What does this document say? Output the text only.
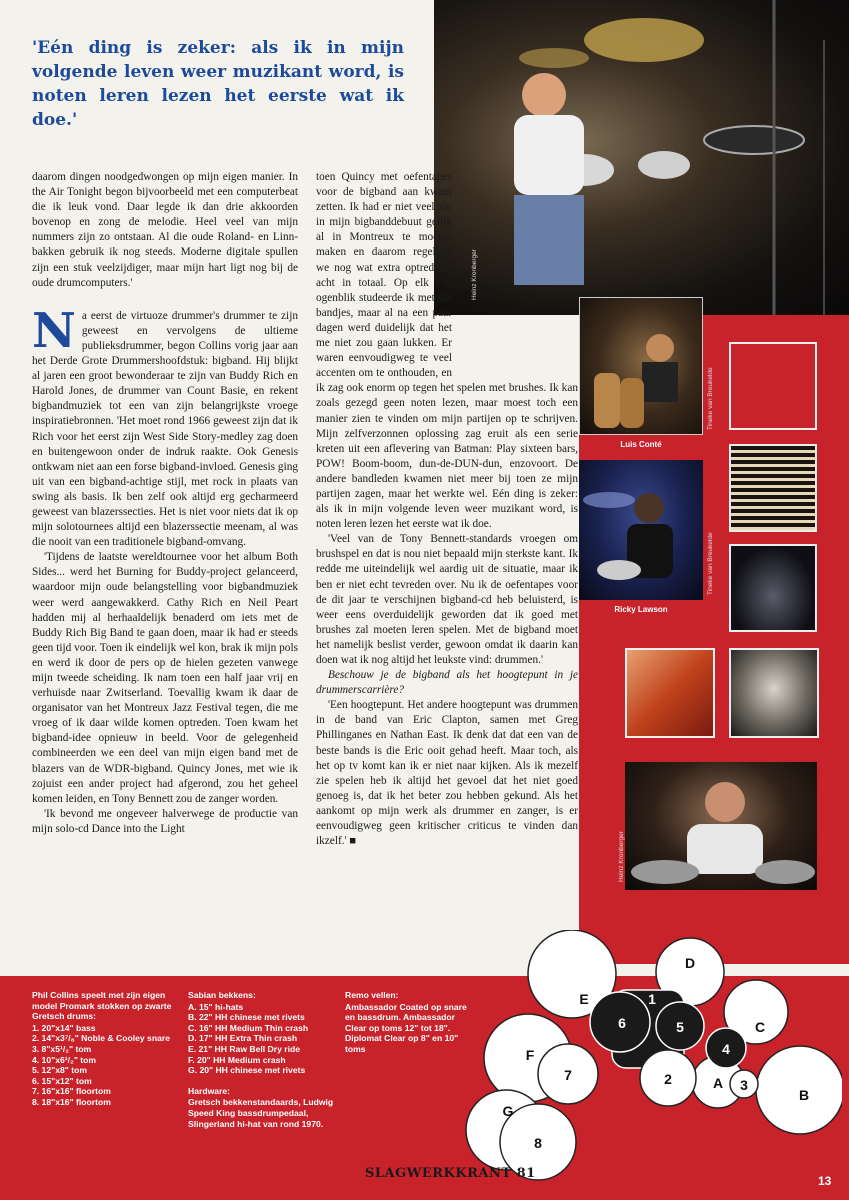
'Eén ding is zeker: als ik in mijn volgende leven weer muzikant word, is noten leren lezen het eerste wat ik doe.'

daarom dingen noodgedwongen op mijn eigen manier. In the Air Tonight begon bijvoorbeeld met een computerbeat die ik leuk vond. Daar legde ik dan drie akkoorden bovenop en zong de melodie. Heel veel van mijn nummers zijn zo ontstaan. Al die oude Roland- en Linn-bakken gebruik ik nog steeds. Moderne digitale spullen zijn een stuk veelzijdiger, maar mijn hart ligt nog bij de oude drumcomputers.'

Na eerst de virtuoze drummer's drummer te zijn geweest en vervolgens de ultieme publieksdrummer, begon Collins vorig jaar aan het Derde Grote Drummershoofdstuk: bigband. Hij blijkt al jaren een groot bewonderaar te zijn van Buddy Rich en Harold Jones, de drummer van Count Basie, en rekent bigbandmuziek tot een van zijn belangrijkste vroege inspiratiebronnen. 'Het moet rond 1966 geweest zijn dat ik Rich voor het eerst zijn West Side Story-medley zag doen en buitengewoon onder de indruk raakte. Ook Genesis ontkwam niet aan een forse bigband-invloed. Genesis ging uit van een bigband-achtige stijl, met rock in plaats van swing als basis. Ik ben zelf ook altijd erg gecharmeerd geweest van blazerssecties. Het is niet voor niets dat ik op mijn solotournees altijd een blazerssectie meenam, al was die nooit van een traditionele bigband-omvang.

'Tijdens de laatste wereldtournee voor het album Both Sides... werd het Burning for Buddy-project gelanceerd, waardoor mijn oude belangstelling voor bigbandmuziek weer werd aangewakkerd. Cathy Rich en Neil Peart hadden mij al herhaaldelijk benaderd om iets met de Buddy Rich Big Band te gaan doen, maar ik had er steeds geen tijd voor. Toen ik eindelijk wel kon, brak ik mijn pols en werd ik door de pers op de hielen gezeten vanwege mijn tweede scheiding. Ik nam toen een half jaar vrij en verhuisde naar Zwitserland. Toevallig kwam ik daar de organisator van het Montreux Jazz Festival tegen, die me vroeg of ik daar wilde komen optreden. Toen kwam het bigband-idee opnieuw in beeld. Voor de gelegenheid combineerden we een deel van mijn eigen band met de blazers van de WDR-bigband. Quincy Jones, met wie ik zojuist een ander project had afgerond, zou het geheel komen leiden, en Tony Bennett zou de zanger worden.

'Ik bevond me ongeveer halverwege de productie van mijn solo-cd Dance into the Light

Heinz Kronberger

toen Quincy met oefentapes voor de bigband aan kwam zetten. Ik had er niet veel zin in mijn bigbanddebuut gelijk al in Montreux te moeten maken en daarom regelden we nog wat extra optredens, acht in totaal. Op elk vrij ogenblik studeerde ik met die bandjes, maar al na een paar dagen werd duidelijk dat het me niet zou gaan lukken. Er waren eenvoudigweg te veel accenten om te onthouden, en ik zag ook enorm op tegen het spelen met brushes. Ik kan zoals gezegd geen noten lezen, maar moest toch een manier zien te vinden om mijn partijen op te schrijven. Mijn zelfverzonnen oplossing zag eruit als een serie kreten uit een aflevering van Batman: Play sixteen bars, POW! Boom-boom, dun-de-DUN-dun, enzovoort. De andere bandleden kwamen niet meer bij toen ze mijn partijen zagen, maar het werkte wel. Eén ding is zeker: als ik in mijn volgende leven weer muzikant word, is noten leren lezen het eerste wat ik doe.

'Veel van de Tony Bennett-standards vroegen om brushspel en dat is nou niet bepaald mijn sterkste kant. Ik redde me uiteindelijk wel aardig uit de situatie, maar ik ben er niet echt tevreden over. Nu ik de oefentapes voor de dit jaar te verschijnen bigband-cd heb beluisterd, is weer eens overduidelijk geworden dat ik goed met brushes zal moeten leren spelen. Met de bigband moet het namelijk beslist verder, gewoon omdat ik daarin kan doen wat ik nog altijd het leukste vind: drummen.'

Beschouw je de bigband als het hoogtepunt in je drummerscarrière?

'Een hoogtepunt. Het andere hoogtepunt was drummen in de band van Eric Clapton, samen met Greg Phillinganes en Nathan East. Ik denk dat dat een van de beste bands is die Eric ooit gehad heeft. Maar toch, als het op tv komt kan ik er niet naar kijken. Als ik mezelf zie spelen heb ik altijd het gevoel dat het niet goed genoeg is, dat ik het beter zou hebben gekund. Als het aankomt op mijn werk als drummer en zanger, is er eenvoudigweg geen kritischer criticus te vinden dan ikzelf.' ■

Luis Conté
Ricky Lawson
Tineke van Breukelde
Tineke van Breukelde
Heinz Kronberger
Phil Collins speelt met zijn eigen model Promark stokken op zwarte Gretsch drums:
1. 20"x14" bass
2. 14"x3⁷/₈" Noble & Cooley snare
3. 8"x5¹/₂" tom
4. 10"x6¹/₂" tom
5. 12"x8" tom
6. 15"x12" tom
7. 16"x16" floortom
8. 18"x16" floortom
Sabian bekkens:
A. 15" hi-hats
B. 22" HH chinese met rivets
C. 16" HH Medium Thin crash
D. 17" HH Extra Thin crash
E. 21" HH Raw Bell Dry ride
F. 20" HH Medium crash
G. 20" HH chinese met rivets
Hardware:
Gretsch bekkenstandaards, Ludwig Speed King bassdrumpedaal, Slingerland hi-hat van rond 1970.
Remo vellen:
Ambassador Coated op snare en bassdrum. Ambassador Clear op toms 12" tot 18". Diplomat Clear op 8" en 10" toms
E
D
C
F
G
B
A
1
6	5
4
2	3
7
8
SLAGWERKKRANT 81	13
